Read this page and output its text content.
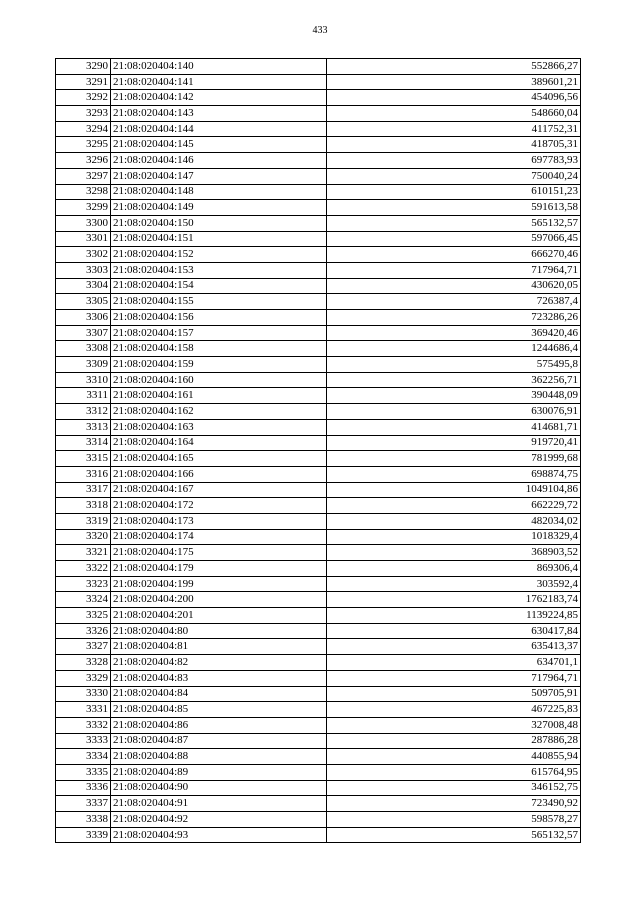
433
3290	21:08:020404:140	552866,27
3291	21:08:020404:141	389601,21
3292	21:08:020404:142	454096,56
3293	21:08:020404:143	548660,04
3294	21:08:020404:144	411752,31
3295	21:08:020404:145	418705,31
3296	21:08:020404:146	697783,93
3297	21:08:020404:147	750040,24
3298	21:08:020404:148	610151,23
3299	21:08:020404:149	591613,58
3300	21:08:020404:150	565132,57
3301	21:08:020404:151	597066,45
3302	21:08:020404:152	666270,46
3303	21:08:020404:153	717964,71
3304	21:08:020404:154	430620,05
3305	21:08:020404:155	726387,4
3306	21:08:020404:156	723286,26
3307	21:08:020404:157	369420,46
3308	21:08:020404:158	1244686,4
3309	21:08:020404:159	575495,8
3310	21:08:020404:160	362256,71
3311	21:08:020404:161	390448,09
3312	21:08:020404:162	630076,91
3313	21:08:020404:163	414681,71
3314	21:08:020404:164	919720,41
3315	21:08:020404:165	781999,68
3316	21:08:020404:166	698874,75
3317	21:08:020404:167	1049104,86
3318	21:08:020404:172	662229,72
3319	21:08:020404:173	482034,02
3320	21:08:020404:174	1018329,4
3321	21:08:020404:175	368903,52
3322	21:08:020404:179	869306,4
3323	21:08:020404:199	303592,4
3324	21:08:020404:200	1762183,74
3325	21:08:020404:201	1139224,85
3326	21:08:020404:80	630417,84
3327	21:08:020404:81	635413,37
3328	21:08:020404:82	634701,1
3329	21:08:020404:83	717964,71
3330	21:08:020404:84	509705,91
3331	21:08:020404:85	467225,83
3332	21:08:020404:86	327008,48
3333	21:08:020404:87	287886,28
3334	21:08:020404:88	440855,94
3335	21:08:020404:89	615764,95
3336	21:08:020404:90	346152,75
3337	21:08:020404:91	723490,92
3338	21:08:020404:92	598578,27
3339	21:08:020404:93	565132,57
